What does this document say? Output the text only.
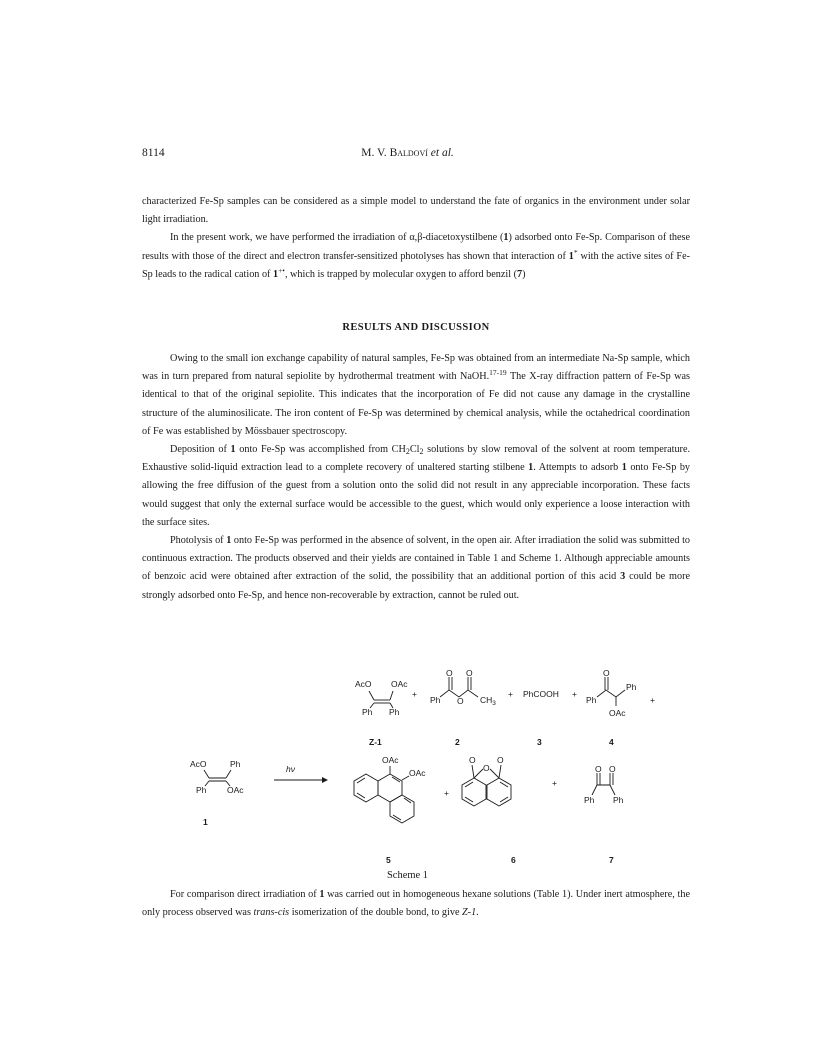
8114	M. V. Baldoví et al.

characterized Fe-Sp samples can be considered as a simple model to understand the fate of organics in the environment under solar light irradiation.

In the present work, we have performed the irradiation of α,β-diacetoxystilbene (1) adsorbed onto Fe-Sp. Comparison of these results with those of the direct and electron transfer-sensitized photolyses has shown that interaction of 1* with the active sites of Fe-Sp leads to the radical cation of 1+•, which is trapped by molecular oxygen to afford benzil (7)

RESULTS AND DISCUSSION

Owing to the small ion exchange capability of natural samples, Fe-Sp was obtained from an intermediate Na-Sp sample, which was in turn prepared from natural sepiolite by hydrothermal treatment with NaOH.$^{17-19}$ The X-ray diffraction pattern of Fe-Sp was identical to that of the original sepiolite. This indicates that the incorporation of Fe did not cause any damage in the crystalline structure of the aluminosilicate. The iron content of Fe-Sp was determined by chemical analysis, while the octahedrical coordination of Fe was established by Mössbauer spectroscopy.

Deposition of 1 onto Fe-Sp was accomplished from CH2Cl2 solutions by slow removal of the solvent at room temperature. Exhaustive solid-liquid extraction lead to a complete recovery of unaltered starting stilbene 1. Attempts to adsorb 1 onto Fe-Sp by allowing the free diffusion of the guest from a solution onto the solid did not result in any appreciable incorporation. These facts would suggest that only the external surface would be accessible to the guest, which would only experience a loose interaction with the surface sites.

Photolysis of 1 onto Fe-Sp was performed in the absence of solvent, in the open air. After irradiation the solid was submitted to continuous extraction. The products observed and their yields are contained in Table 1 and Scheme 1. Although appreciable amounts of benzoic acid were obtained after extraction of the solid, the possibility that an additional portion of this acid 3 could be more strongly adsorbed onto Fe-Sp, and hence non-recoverable by extraction, cannot be ruled out.

AcO OAc
Ph Ph
+
Ph
O O
O $CH_3$
+ PhCOOH +
Ph
O
Ph
OAc
+
Z-1	2	3	4
AcO	Ph
Ph OAc
1
hν
OAc
OAc
+
O	O
O
+
Ph Ph
O O
5	6	7
Scheme 1

For comparison direct irradiation of 1 was carried out in homogeneous hexane solutions (Table 1). Under inert atmosphere, the only process observed was trans-cis isomerization of the double bond, to give Z-1.
